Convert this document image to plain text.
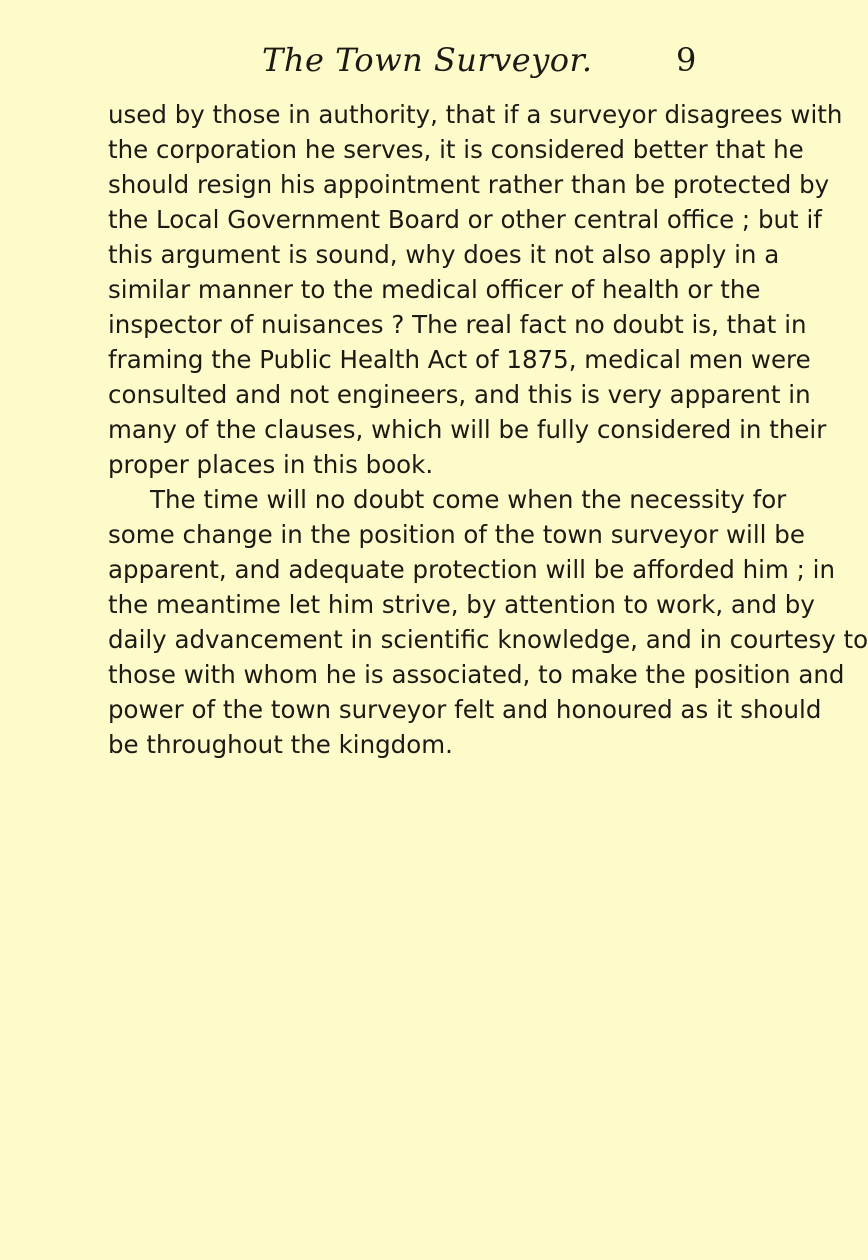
The Town Surveyor.	9
used by those in authority, that if a surveyor disagrees with
the corporation he serves, it is considered better that he
should resign his appointment rather than be protected by
the Local Government Board or other central office ; but if
this argument is sound, why does it not also apply in a
similar manner to the medical officer of health or the
inspector of nuisances ? The real fact no doubt is, that in
framing the Public Health Act of 1875, medical men were
consulted and not engineers, and this is very apparent in
many of the clauses, which will be fully considered in their
proper places in this book.
The time will no doubt come when the necessity for
some change in the position of the town surveyor will be
apparent, and adequate protection will be afforded him ; in
the meantime let him strive, by attention to work, and by
daily advancement in scientific knowledge, and in courtesy to
those with whom he is associated, to make the position and
power of the town surveyor felt and honoured as it should
be throughout the kingdom.
